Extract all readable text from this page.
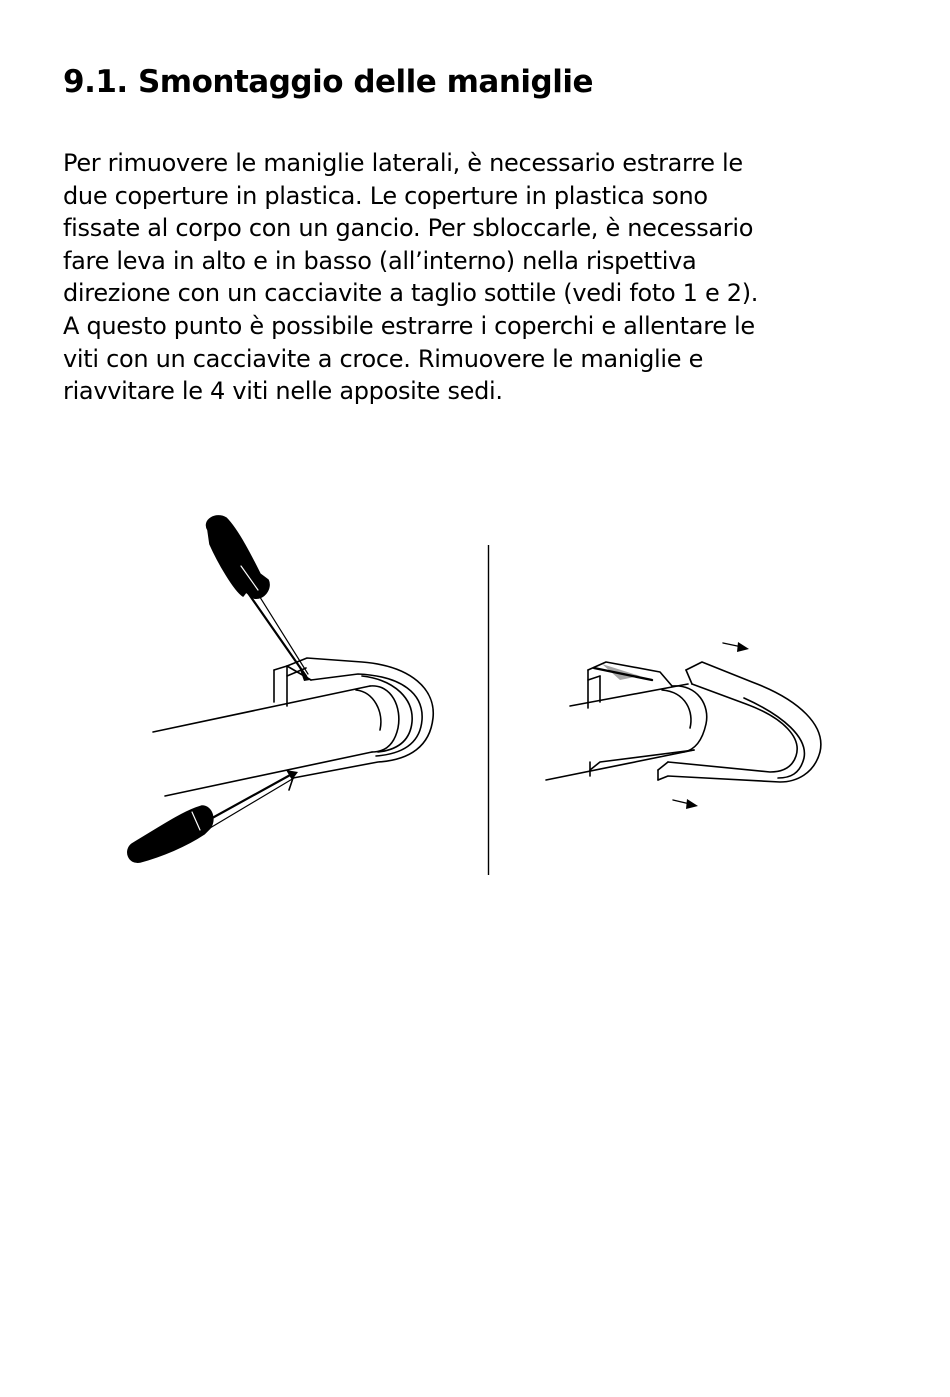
9.1. Smontaggio delle maniglie
Per rimuovere le maniglie laterali, è necessario estrarre le
due coperture in plastica. Le coperture in plastica sono
fissate al corpo con un gancio. Per sbloccarle, è necessario
fare leva in alto e in basso (all’interno) nella rispettiva
direzione con un cacciavite a taglio sottile (vedi foto 1 e 2).
A questo punto è possibile estrarre i coperchi e allentare le
viti con un cacciavite a croce. Rimuovere le maniglie e
riavvitare le 4 viti nelle apposite sedi.
